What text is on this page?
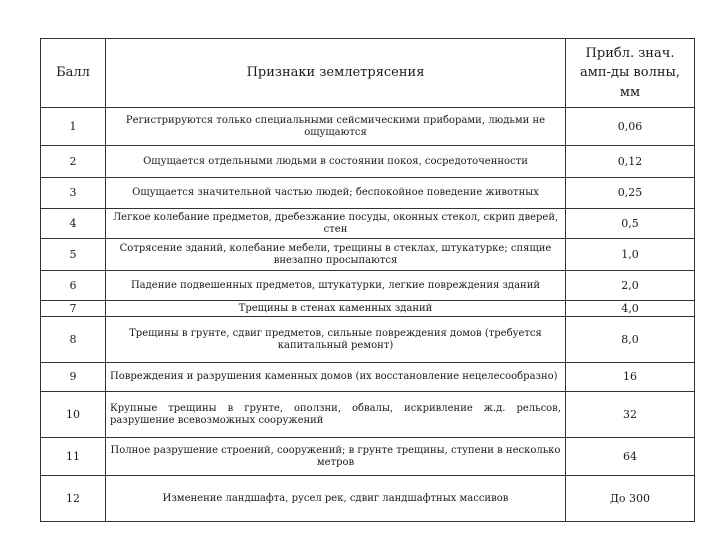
Балл	Признаки землетрясения	Прибл. знач.
амп-ды волны,
мм
1	Регистрируются только специальными сейсмическими приборами, людьми не ощущаются	0,06
2	Ощущается отдельными людьми в состоянии покоя, сосредоточенности	0,12
3	Ощущается значительной частью людей; беспокойное поведение животных	0,25
4	Легкое колебание предметов, дребезжание посуды, оконных стекол, скрип дверей, стен	0,5
5	Сотрясение зданий, колебание мебели, трещины в стеклах, штукатурке; спящие внезапно просыпаются	1,0
6	Падение подвешенных предметов, штукатурки, легкие повреждения зданий	2,0
7	Трещины в стенах каменных зданий	4,0
8	Трещины в грунте, сдвиг предметов, сильные повреждения домов (требуется капитальный ремонт)	8,0
9	Повреждения и разрушения каменных домов (их восстановление нецелесообразно)	16
10	Крупные трещины в грунте, оползни, обвалы, искривление ж.д. рельсов, разрушение всевозможных сооружений	32
11	Полное разрушение строений, сооружений; в грунте трещины, ступени в несколько метров	64
12	Изменение ландшафта, русел рек, сдвиг ландшафтных массивов	До 300
